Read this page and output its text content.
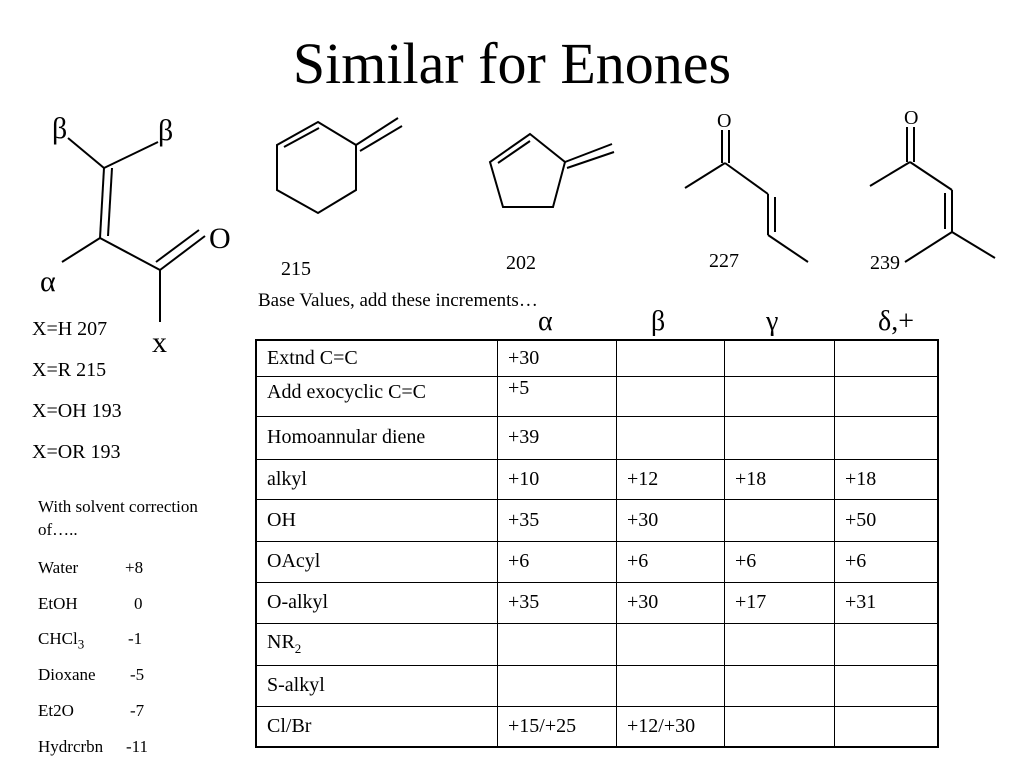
Similar for Enones
β	β
α
O
x
O	O
215	202	227	239
Base Values, add these increments…
X=H 207
X=R 215
X=OH 193
X=OR 193
With solvent correction
of…..
Water	+8
EtOH	0
CHCl$_3$	-1
Dioxane -5
Et2O	-7
Hydrcrbn -11
α	β	γ	δ,+
Extnd C=C	+30			
Add exocyclic C=C	+5			
Homoannular diene	+39			
alkyl	+10	+12	+18	+18
OH	+35	+30		+50
OAcyl	+6	+6	+6	+6
O-alkyl	+35	+30	+17	+31
$NR_2$				
S-alkyl				
Cl/Br	+15/+25	+12/+30		
